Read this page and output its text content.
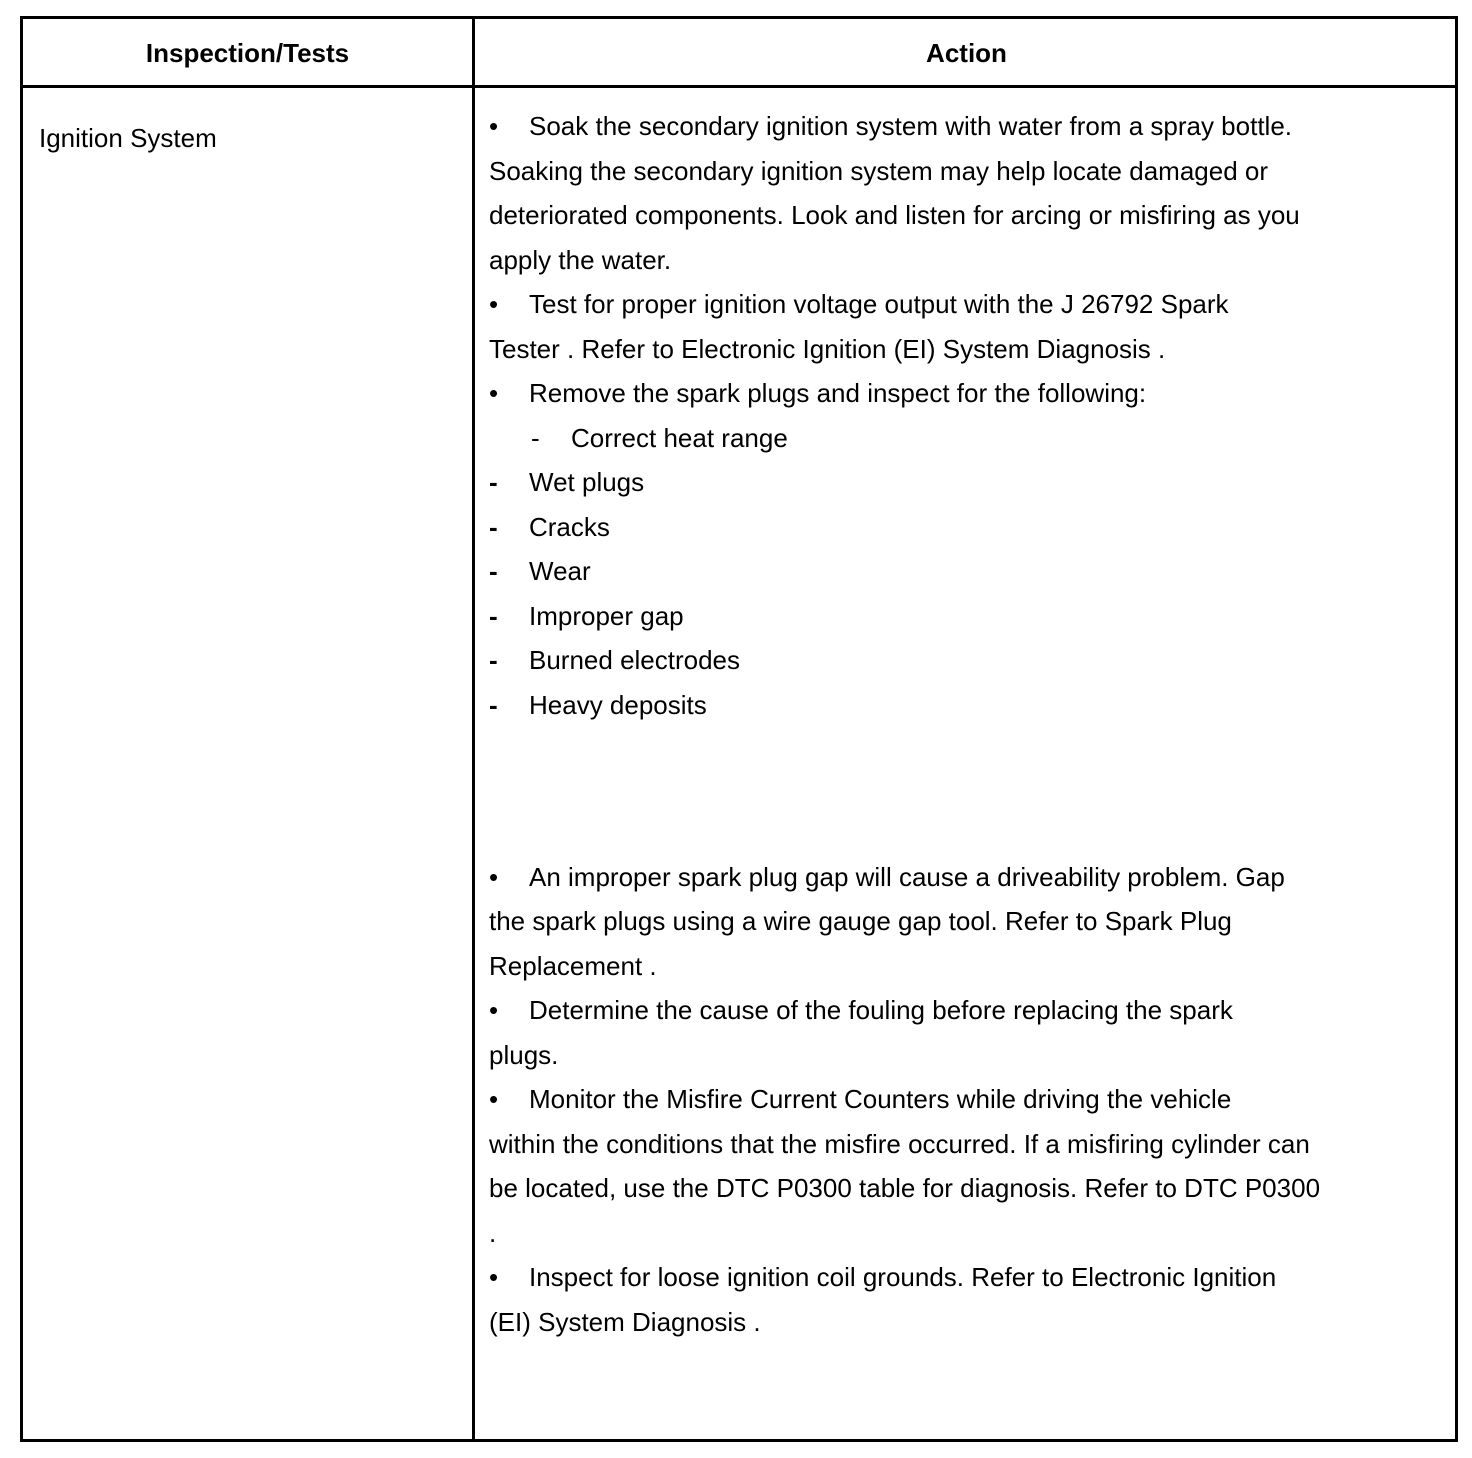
Inspection/Tests	Action
Ignition System	• Soak the secondary ignition system with water from a spray bottle.
Soaking the secondary ignition system may help locate damaged or
deteriorated components. Look and listen for arcing or misfiring as you
apply the water.
• Test for proper ignition voltage output with the J 26792 Spark
Tester . Refer to Electronic Ignition (EI) System Diagnosis .
• Remove the spark plugs and inspect for the following:
- Correct heat range
- Wet plugs
- Cracks
- Wear
- Improper gap
- Burned electrodes
- Heavy deposits
• An improper spark plug gap will cause a driveability problem. Gap
the spark plugs using a wire gauge gap tool. Refer to Spark Plug
Replacement .
• Determine the cause of the fouling before replacing the spark
plugs.
• Monitor the Misfire Current Counters while driving the vehicle
within the conditions that the misfire occurred. If a misfiring cylinder can
be located, use the DTC P0300 table for diagnosis. Refer to DTC P0300
.
• Inspect for loose ignition coil grounds. Refer to Electronic Ignition
(EI) System Diagnosis .
